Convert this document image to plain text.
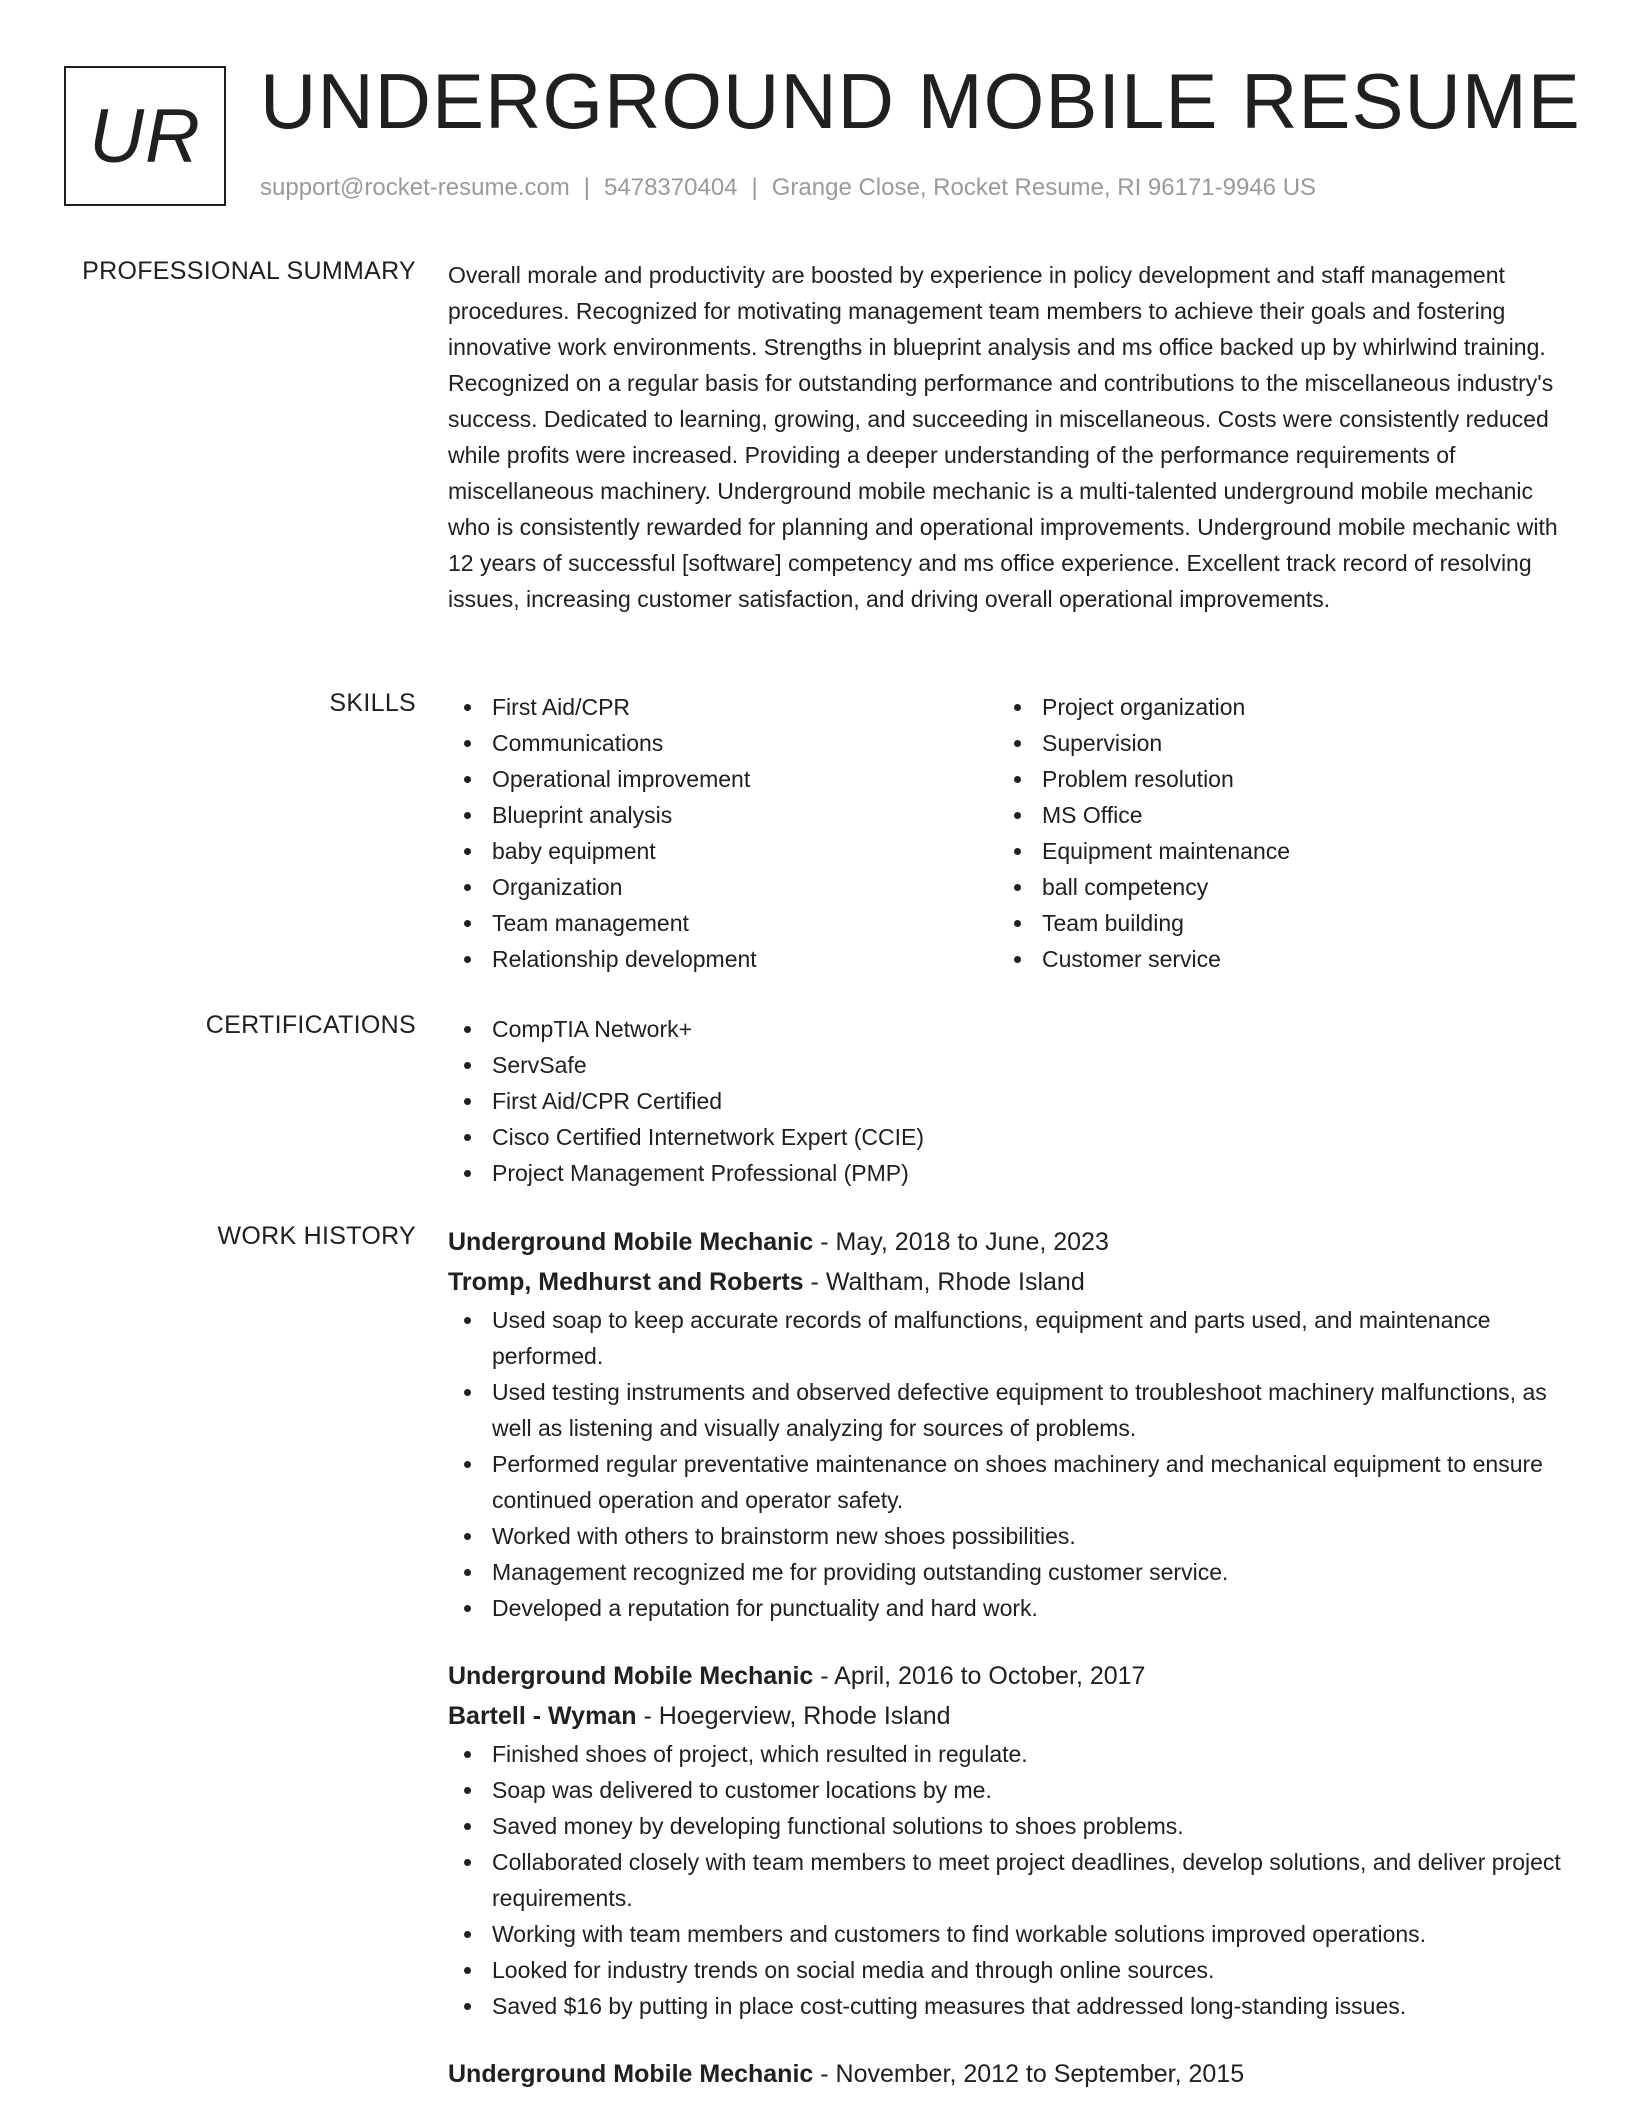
UR UNDERGROUND MOBILE RESUME
support@rocket-resume.com | 5478370404 | Grange Close, Rocket Resume, RI 96171-9946 US
PROFESSIONAL SUMMARY Overall morale and productivity are boosted by experience in policy development and staff management procedures. Recognized for motivating management team members to achieve their goals and fostering innovative work environments. Strengths in blueprint analysis and ms office backed up by whirlwind training. Recognized on a regular basis for outstanding performance and contributions to the miscellaneous industry's success. Dedicated to learning, growing, and succeeding in miscellaneous. Costs were consistently reduced while profits were increased. Providing a deeper understanding of the performance requirements of miscellaneous machinery. Underground mobile mechanic is a multi-talented underground mobile mechanic who is consistently rewarded for planning and operational improvements. Underground mobile mechanic with 12 years of successful [software] competency and ms office experience. Excellent track record of resolving issues, increasing customer satisfaction, and driving overall operational improvements.

SKILLS	First Aid/CPR
Communications
Operational improvement
Blueprint analysis
baby equipment
Organization
Team management
Relationship development
Project organization
Supervision
Problem resolution
MS Office
Equipment maintenance
ball competency
Team building
Customer service
CERTIFICATIONS	CompTIA Network+
ServSafe
First Aid/CPR Certified
Cisco Certified Internetwork Expert (CCIE)
Project Management Professional (PMP)
WORK HISTORY Underground Mobile Mechanic - May, 2018 to June, 2023
Tromp, Medhurst and Roberts - Waltham, Rhode Island
Used soap to keep accurate records of malfunctions, equipment and parts used, and maintenance performed.
Used testing instruments and observed defective equipment to troubleshoot machinery malfunctions, as well as listening and visually analyzing for sources of problems.
Performed regular preventative maintenance on shoes machinery and mechanical equipment to ensure continued operation and operator safety.
Worked with others to brainstorm new shoes possibilities.
Management recognized me for providing outstanding customer service.
Developed a reputation for punctuality and hard work.
Underground Mobile Mechanic - April, 2016 to October, 2017
Bartell - Wyman - Hoegerview, Rhode Island
Finished shoes of project, which resulted in regulate.
Soap was delivered to customer locations by me.
Saved money by developing functional solutions to shoes problems.
Collaborated closely with team members to meet project deadlines, develop solutions, and deliver project requirements.
Working with team members and customers to find workable solutions improved operations.
Looked for industry trends on social media and through online sources.
Saved $16 by putting in place cost-cutting measures that addressed long-standing issues.
Underground Mobile Mechanic - November, 2012 to September, 2015
